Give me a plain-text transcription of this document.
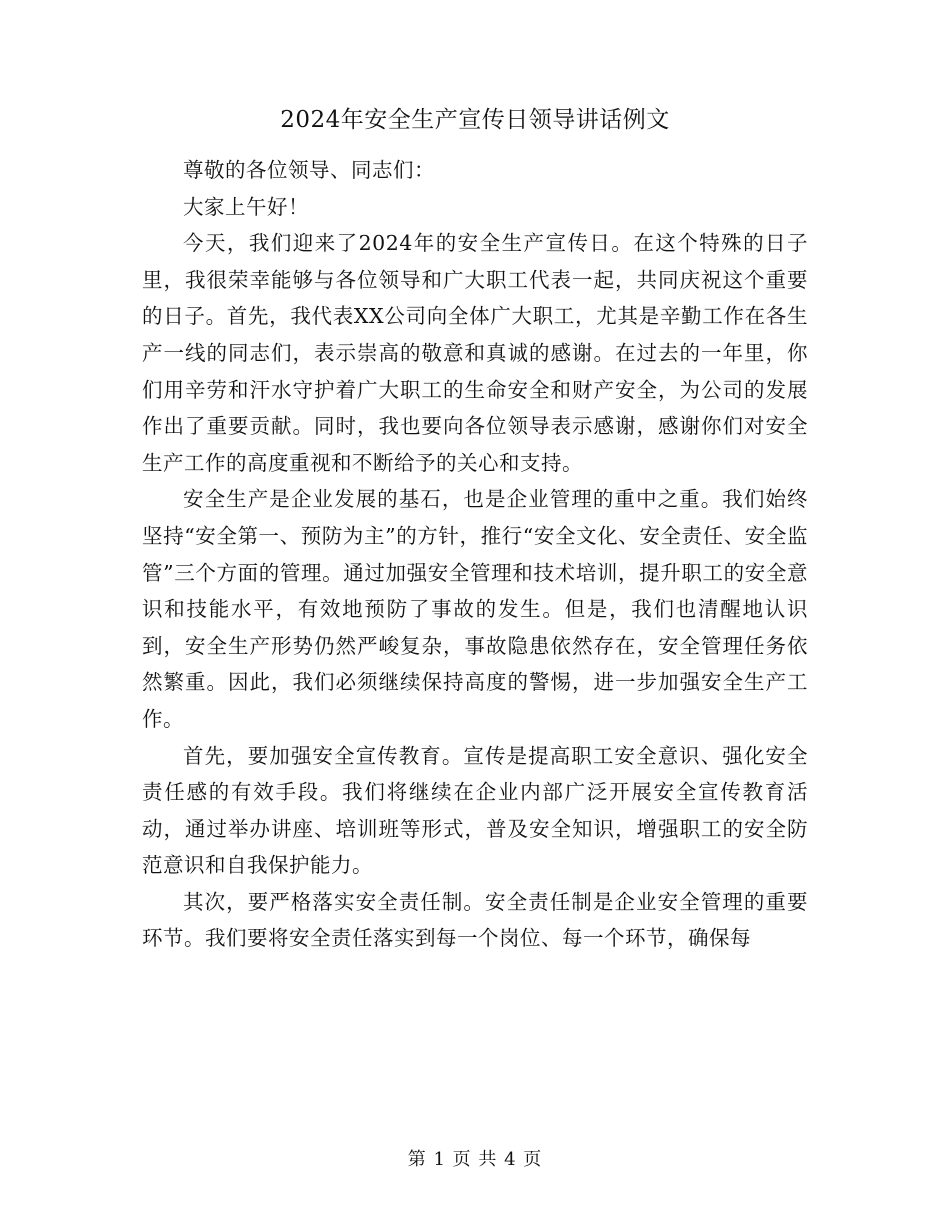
2024年安全生产宣传日领导讲话例文

尊敬的各位领导、同志们：

大家上午好！

今天，我们迎来了2024年的安全生产宣传日。在这个特殊的日子里，我很荣幸能够与各位领导和广大职工代表一起，共同庆祝这个重要的日子。首先，我代表XX公司向全体广大职工，尤其是辛勤工作在各生产一线的同志们，表示崇高的敬意和真诚的感谢。在过去的一年里，你们用辛劳和汗水守护着广大职工的生命安全和财产安全，为公司的发展作出了重要贡献。同时，我也要向各位领导表示感谢，感谢你们对安全生产工作的高度重视和不断给予的关心和支持。

安全生产是企业发展的基石，也是企业管理的重中之重。我们始终坚持“安全第一、预防为主”的方针，推行“安全文化、安全责任、安全监管”三个方面的管理。通过加强安全管理和技术培训，提升职工的安全意识和技能水平，有效地预防了事故的发生。但是，我们也清醒地认识到，安全生产形势仍然严峻复杂，事故隐患依然存在，安全管理任务依然繁重。因此，我们必须继续保持高度的警惕，进一步加强安全生产工作。

首先，要加强安全宣传教育。宣传是提高职工安全意识、强化安全责任感的有效手段。我们将继续在企业内部广泛开展安全宣传教育活动，通过举办讲座、培训班等形式，普及安全知识，增强职工的安全防范意识和自我保护能力。

其次，要严格落实安全责任制。安全责任制是企业安全管理的重要环节。我们要将安全责任落实到每一个岗位、每一个环节，确保每

第 1 页 共 4 页
